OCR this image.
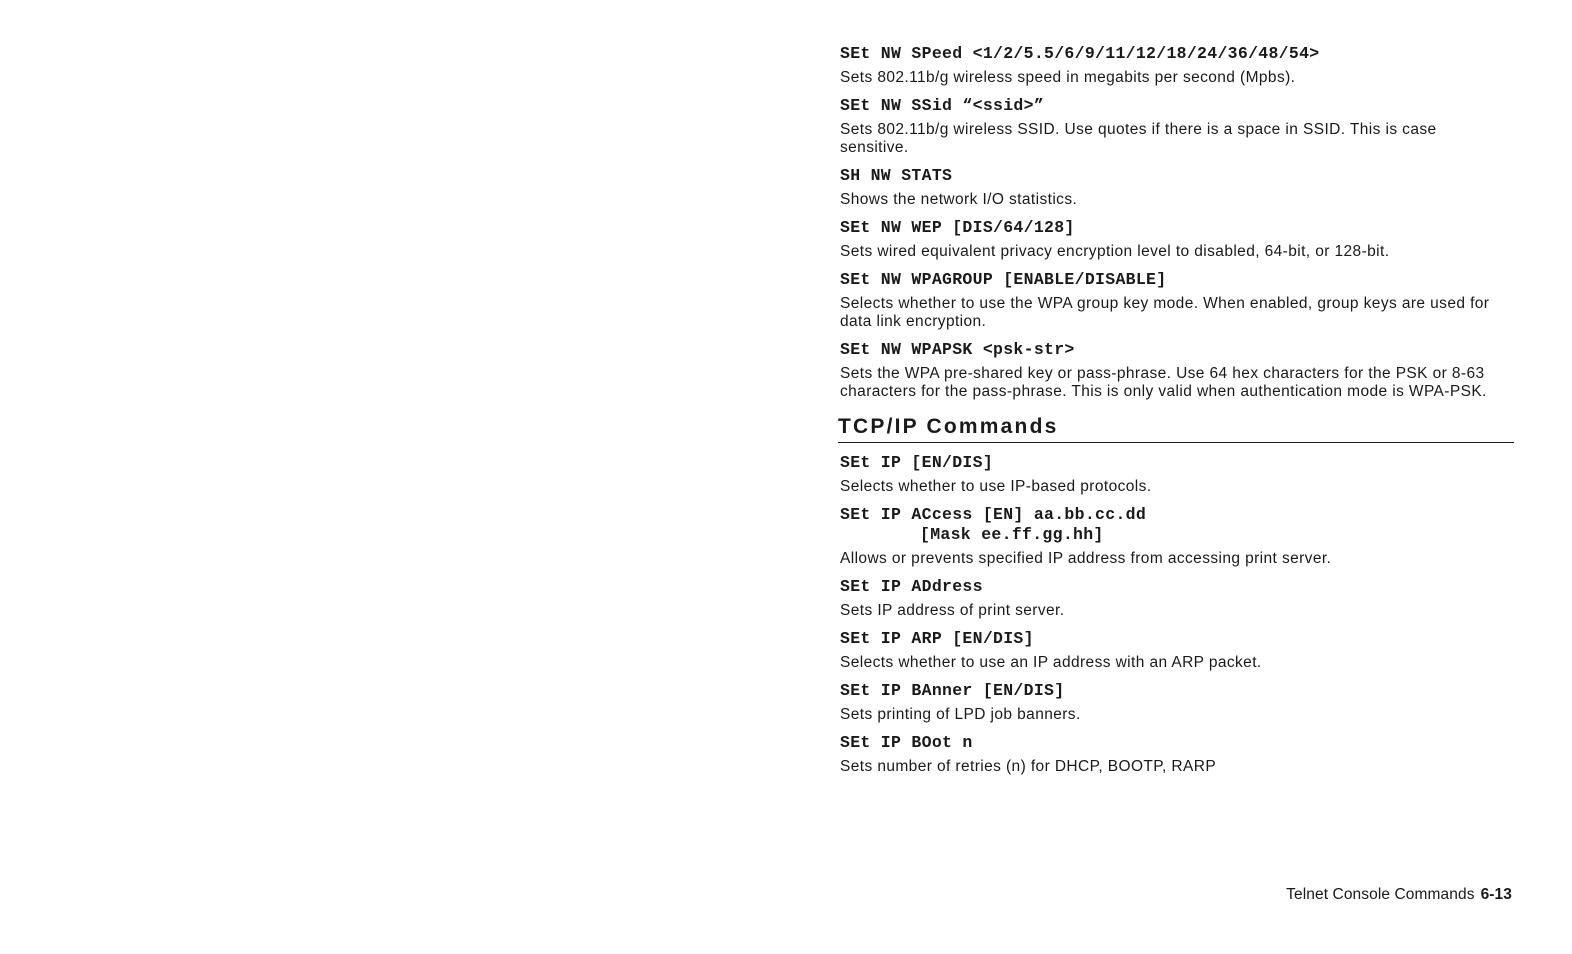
SEt NW SPeed <1/2/5.5/6/9/11/12/18/24/36/48/54>
Sets 802.11b/g wireless speed in megabits per second (Mpbs).
SEt NW SSid “<ssid>”
Sets 802.11b/g wireless SSID. Use quotes if there is a space in SSID. This is case sensitive.
SH NW STATS
Shows the network I/O statistics.
SEt NW WEP [DIS/64/128]
Sets wired equivalent privacy encryption level to disabled, 64-bit, or 128-bit.
SEt NW WPAGROUP [ENABLE/DISABLE]
Selects whether to use the WPA group key mode. When enabled, group keys are used for data link encryption.
SEt NW WPAPSK <psk-str>
Sets the WPA pre-shared key or pass-phrase. Use 64 hex characters for the PSK or 8-63 characters for the pass-phrase. This is only valid when authentication mode is WPA-PSK.
TCP/IP Commands
SEt IP [EN/DIS]
Selects whether to use IP-based protocols.
SEt IP ACcess [EN] aa.bb.cc.dd
[Mask ee.ff.gg.hh]
Allows or prevents specified IP address from accessing print server.
SEt IP ADdress
Sets IP address of print server.
SEt IP ARP [EN/DIS]
Selects whether to use an IP address with an ARP packet.
SEt IP BAnner [EN/DIS]
Sets printing of LPD job banners.
SEt IP BOot n
Sets number of retries (n) for DHCP, BOOTP, RARP
Telnet Console Commands 6-13
